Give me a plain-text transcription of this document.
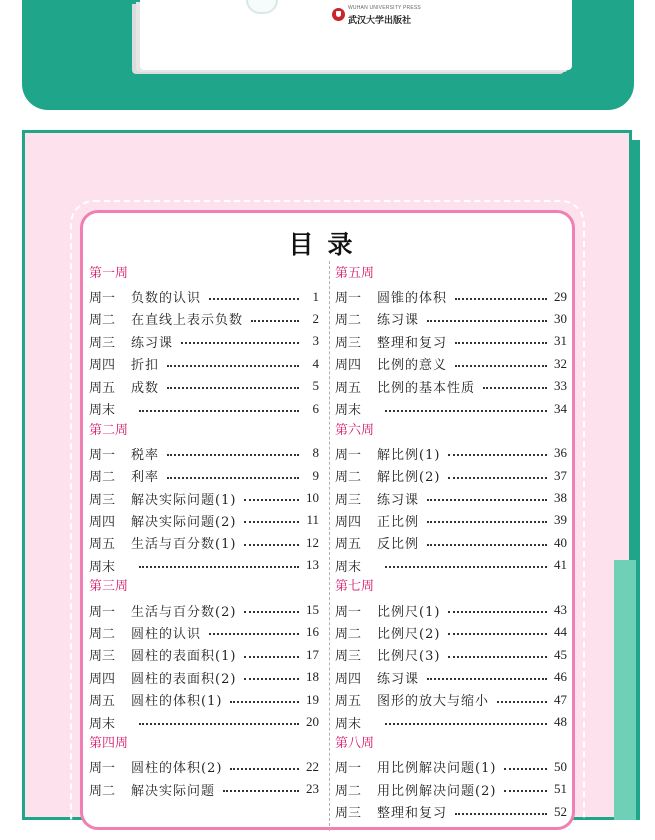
WUHAN UNIVERSITY PRESS
武汉大学出版社
目录
第一周
周一	负数的认识	1
周二	在直线上表示负数	2
周三	练习课	3
周四	折扣	4
周五	成数	5
周末	6
第二周
周一	税率	8
周二	利率	9
周三	解决实际问题(1)	10
周四	解决实际问题(2)	11
周五	生活与百分数(1)	12
周末	13
第三周
周一	生活与百分数(2)	15
周二	圆柱的认识	16
周三	圆柱的表面积(1)	17
周四	圆柱的表面积(2)	18
周五	圆柱的体积(1)	19
周末	20
第四周
周一	圆柱的体积(2)	22
周二	解决实际问题	23
第五周
周一	圆锥的体积	29
周二	练习课	30
周三	整理和复习	31
周四	比例的意义	32
周五	比例的基本性质	33
周末	34
第六周
周一	解比例(1)	36
周二	解比例(2)	37
周三	练习课	38
周四	正比例	39
周五	反比例	40
周末	41
第七周
周一	比例尺(1)	43
周二	比例尺(2)	44
周三	比例尺(3)	45
周四	练习课	46
周五	图形的放大与缩小	47
周末	48
第八周
周一	用比例解决问题(1)	50
周二	用比例解决问题(2)	51
周三	整理和复习	52
